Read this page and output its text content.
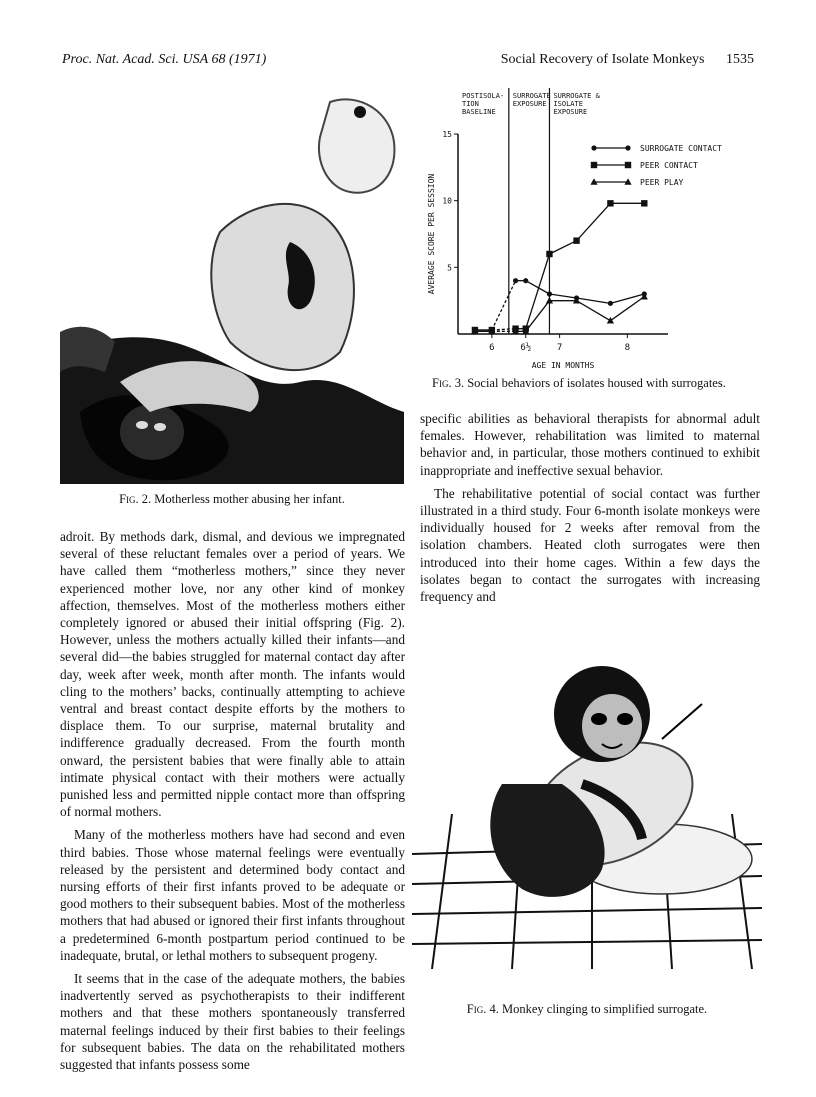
Proc. Nat. Acad. Sci. USA 68 (1971)	Social Recovery of Isolate Monkeys 1535
Fig. 2. Motherless mother abusing her infant.

adroit. By methods dark, dismal, and devious we impregnated several of these reluctant females over a period of years. We have called them “motherless mothers,” since they never experienced mother love, nor any other kind of monkey affection, themselves. Most of the motherless mothers either completely ignored or abused their initial offspring (Fig. 2). However, unless the mothers actually killed their infants—and several did—the babies struggled for maternal contact day after day, week after week, month after month. The infants would cling to the mothers’ backs, continually attempting to achieve ventral and breast contact despite efforts by the mothers to displace them. To our surprise, maternal brutality and indifference gradually decreased. From the fourth month onward, the persistent babies that were finally able to attain intimate physical contact with their mothers were actually punished less and permitted nipple contact more than offspring of normal mothers.

Many of the motherless mothers have had second and even third babies. Those whose maternal feelings were eventually released by the persistent and determined body contact and nursing efforts of their first infants proved to be adequate or good mothers to their subsequent babies. Most of the motherless mothers that had abused or ignored their first infants throughout a predetermined 6-month postpartum period continued to be inadequate, brutal, or lethal mothers to subsequent progeny.

It seems that in the case of the adequate mothers, the babies inadvertently served as psychotherapists to their indifferent mothers and that these mothers spontaneously transferred maternal feelings induced by their first babies to their feelings for subsequent babies. The data on the rehabilitated mothers suggested that infants possess some

POSTISOLA-
TION
BASELINE
SURROGATE
EXPOSURE
SURROGATE &
ISOLATE
EXPOSURE
5
10
15
6	6½	7	8
AGE IN MONTHS
AVERAGE SCORE PER SESSION
SURROGATE CONTACT
PEER CONTACT
PEER PLAY
Fig. 3. Social behaviors of isolates housed with surrogates.

specific abilities as behavioral therapists for abnormal adult females. However, rehabilitation was limited to maternal behavior and, in particular, those mothers continued to exhibit inappropriate and ineffective sexual behavior.

The rehabilitative potential of social contact was further illustrated in a third study. Four 6-month isolate monkeys were individually housed for 2 weeks after removal from the isolation chambers. Heated cloth surrogates were then introduced into their home cages. Within a few days the isolates began to contact the surrogates with increasing frequency and

Fig. 4. Monkey clinging to simplified surrogate.
